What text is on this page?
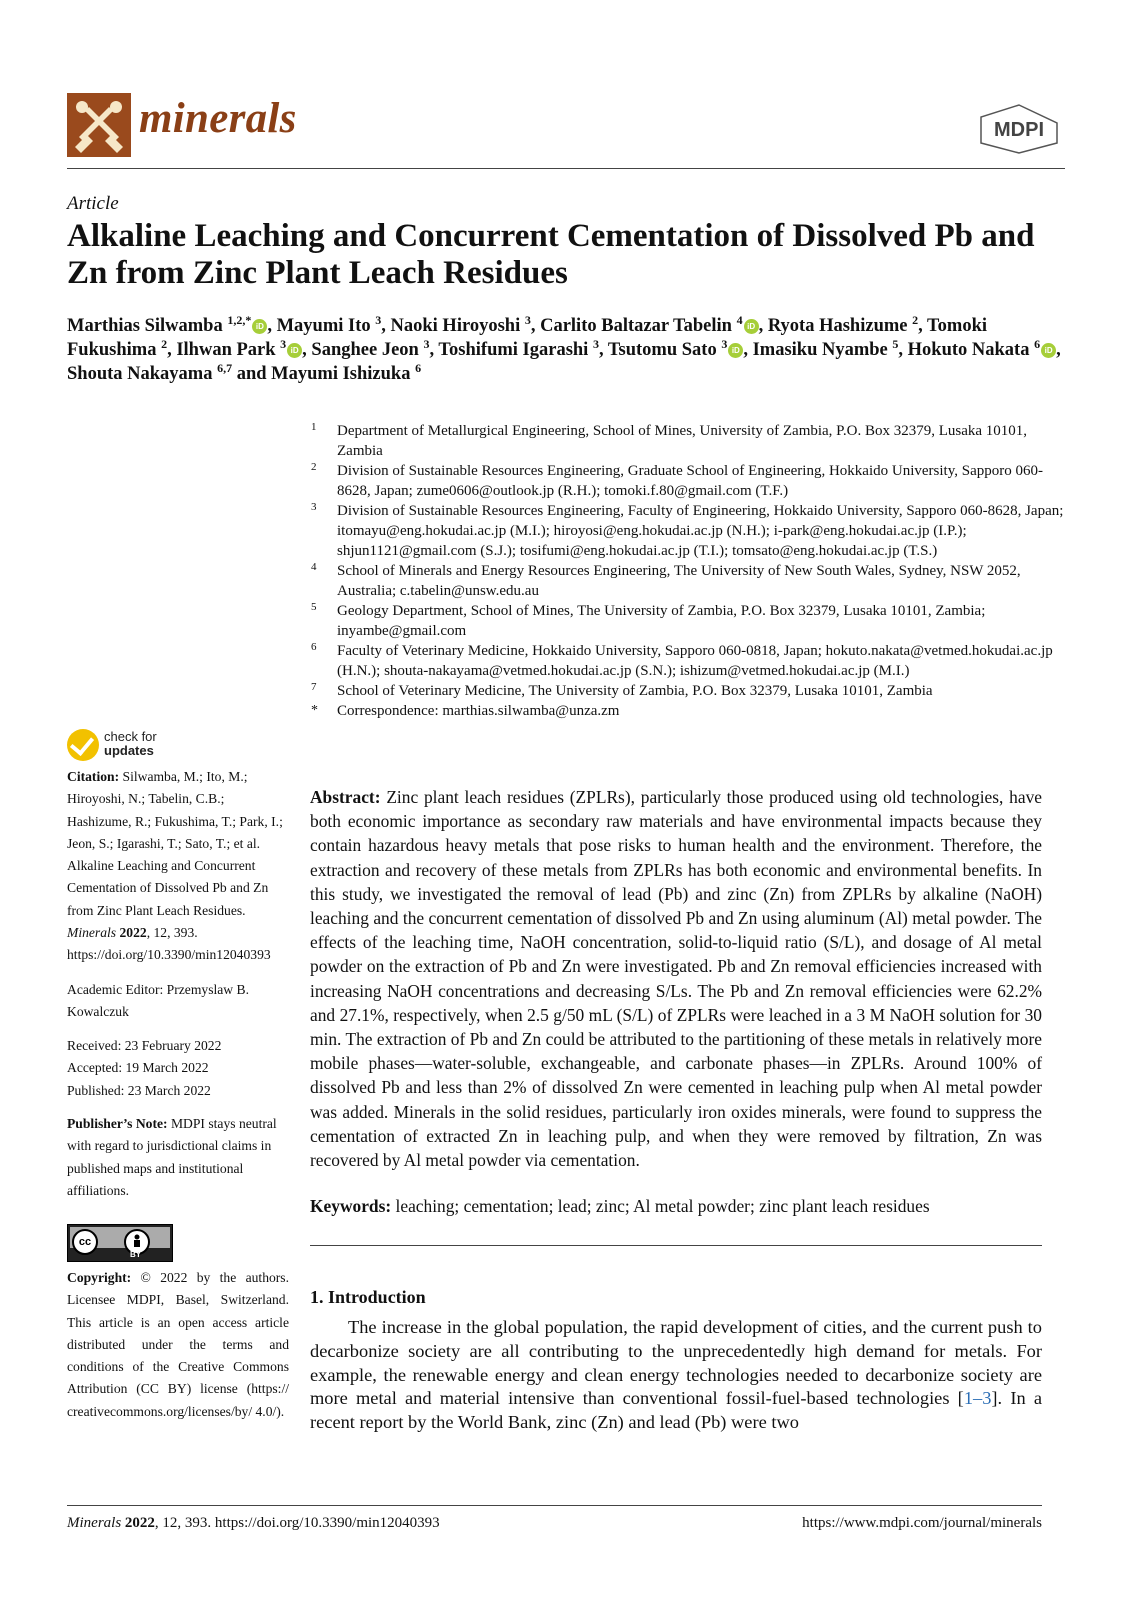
minerals	MDPI
Article
Alkaline Leaching and Concurrent Cementation of Dissolved Pb and Zn from Zinc Plant Leach Residues
Marthias Silwamba $^{1,2,*}$ iD , Mayumi Ito $^3$, Naoki Hiroyoshi $^3$, Carlito Baltazar Tabelin $^4$ iD , Ryota Hashizume $^2$, Tomoki Fukushima $^2$, Ilhwan Park $^3$ iD , Sanghee Jeon $^3$, Toshifumi Igarashi $^3$, Tsutomu Sato $^3$ iD , Imasiku Nyambe $^5$, Hokuto Nakata $^6$ iD , Shouta Nakayama $^{6,7}$ and Mayumi Ishizuka $^6$
1 Department of Metallurgical Engineering, School of Mines, University of Zambia, P.O. Box 32379, Lusaka 10101, Zambia
2 Division of Sustainable Resources Engineering, Graduate School of Engineering, Hokkaido University, Sapporo 060-8628, Japan; zume0606@outlook.jp (R.H.); tomoki.f.80@gmail.com (T.F.)
3 Division of Sustainable Resources Engineering, Faculty of Engineering, Hokkaido University, Sapporo 060-8628, Japan; itomayu@eng.hokudai.ac.jp (M.I.); hiroyosi@eng.hokudai.ac.jp (N.H.); i-park@eng.hokudai.ac.jp (I.P.); shjun1121@gmail.com (S.J.); tosifumi@eng.hokudai.ac.jp (T.I.); tomsato@eng.hokudai.ac.jp (T.S.)
4 School of Minerals and Energy Resources Engineering, The University of New South Wales, Sydney, NSW 2052, Australia; c.tabelin@unsw.edu.au
5 Geology Department, School of Mines, The University of Zambia, P.O. Box 32379, Lusaka 10101, Zambia; inyambe@gmail.com
6 Faculty of Veterinary Medicine, Hokkaido University, Sapporo 060-0818, Japan; hokuto.nakata@vetmed.hokudai.ac.jp (H.N.); shouta-nakayama@vetmed.hokudai.ac.jp (S.N.); ishizum@vetmed.hokudai.ac.jp (M.I.)
7 School of Veterinary Medicine, The University of Zambia, P.O. Box 32379, Lusaka 10101, Zambia
* Correspondence: marthias.silwamba@unza.zm
check for
updates
Citation: Silwamba, M.; Ito, M.; Hiroyoshi, N.; Tabelin, C.B.; Hashizume, R.; Fukushima, T.; Park, I.; Jeon, S.; Igarashi, T.; Sato, T.; et al. Alkaline Leaching and Concurrent Cementation of Dissolved Pb and Zn from Zinc Plant Leach Residues. Minerals 2022, 12, 393. https://doi.org/10.3390/min12040393
Academic Editor: Przemyslaw B. Kowalczuk
Received: 23 February 2022
Accepted: 19 March 2022
Published: 23 March 2022
Publisher’s Note: MDPI stays neutral with regard to jurisdictional claims in published maps and institutional affiliations.
cc
BY
Copyright: © 2022 by the authors. Licensee MDPI, Basel, Switzerland. This article is an open access article distributed under the terms and conditions of the Creative Commons Attribution (CC BY) license (https:// creativecommons.org/licenses/by/ 4.0/).

Abstract: Zinc plant leach residues (ZPLRs), particularly those produced using old technologies, have both economic importance as secondary raw materials and have environmental impacts because they contain hazardous heavy metals that pose risks to human health and the environment. Therefore, the extraction and recovery of these metals from ZPLRs has both economic and environmental benefits. In this study, we investigated the removal of lead (Pb) and zinc (Zn) from ZPLRs by alkaline (NaOH) leaching and the concurrent cementation of dissolved Pb and Zn using aluminum (Al) metal powder. The effects of the leaching time, NaOH concentration, solid-to-liquid ratio (S/L), and dosage of Al metal powder on the extraction of Pb and Zn were investigated. Pb and Zn removal efficiencies increased with increasing NaOH concentrations and decreasing S/Ls. The Pb and Zn removal efficiencies were 62.2% and 27.1%, respectively, when 2.5 g/50 mL (S/L) of ZPLRs were leached in a 3 M NaOH solution for 30 min. The extraction of Pb and Zn could be attributed to the partitioning of these metals in relatively more mobile phases—water-soluble, exchangeable, and carbonate phases—in ZPLRs. Around 100% of dissolved Pb and less than 2% of dissolved Zn were cemented in leaching pulp when Al metal powder was added. Minerals in the solid residues, particularly iron oxides minerals, were found to suppress the cementation of extracted Zn in leaching pulp, and when they were removed by filtration, Zn was recovered by Al metal powder via cementation.

Keywords: leaching; cementation; lead; zinc; Al metal powder; zinc plant leach residues
1. Introduction

The increase in the global population, the rapid development of cities, and the current push to decarbonize society are all contributing to the unprecedentedly high demand for metals. For example, the renewable energy and clean energy technologies needed to decarbonize society are more metal and material intensive than conventional fossil-fuel-based technologies [1–3]. In a recent report by the World Bank, zinc (Zn) and lead (Pb) were two

Minerals 2022, 12, 393. https://doi.org/10.3390/min12040393	https://www.mdpi.com/journal/minerals
